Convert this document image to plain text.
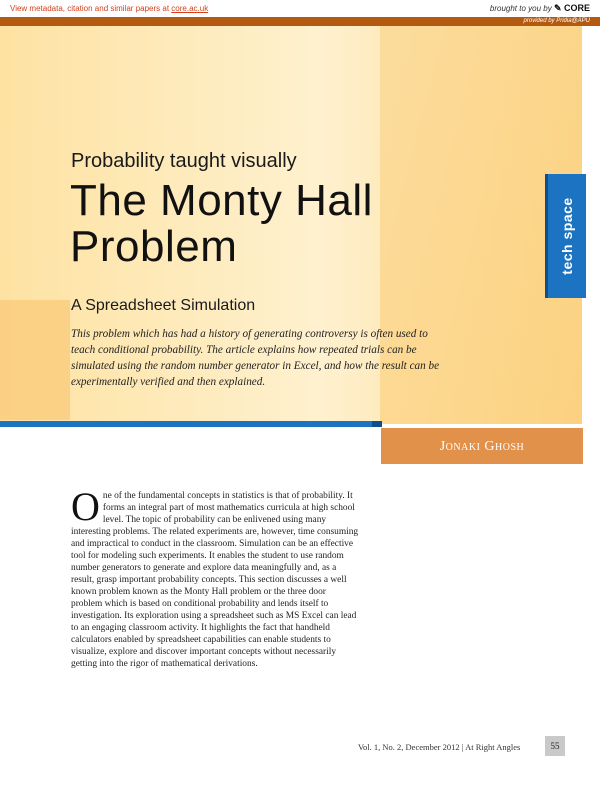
View metadata, citation and similar papers at core.ac.uk	brought to you by ✎ CORE
provided by Pridia@APU
Probability taught visually
The Monty Hall
Problem
A Spreadsheet Simulation
This problem which has had a history of generating controversy is often used to teach conditional probability. The article explains how repeated trials can be simulated using the random number generator in Excel, and how the result can be experimentally verified and then explained.
tech space
Jonaki Ghosh

One of the fundamental concepts in statistics is that of probability. It forms an integral part of most mathematics curricula at high school level. The topic of probability can be enlivened using many interesting problems. The related experiments are, however, time consuming and impractical to conduct in the classroom. Simulation can be an effective tool for modeling such experiments. It enables the student to use random number generators to generate and explore data meaningfully and, as a result, grasp important probability concepts. This section discusses a well known problem known as the Monty Hall problem or the three door problem which is based on conditional probability and lends itself to investigation. Its exploration using a spreadsheet such as MS Excel can lead to an engaging classroom activity. It highlights the fact that handheld calculators enabled by spreadsheet capabilities can enable students to visualize, explore and discover important concepts without necessarily getting into the rigor of mathematical derivations.

Vol. 1, No. 2, December 2012 | At Right Angles	55
